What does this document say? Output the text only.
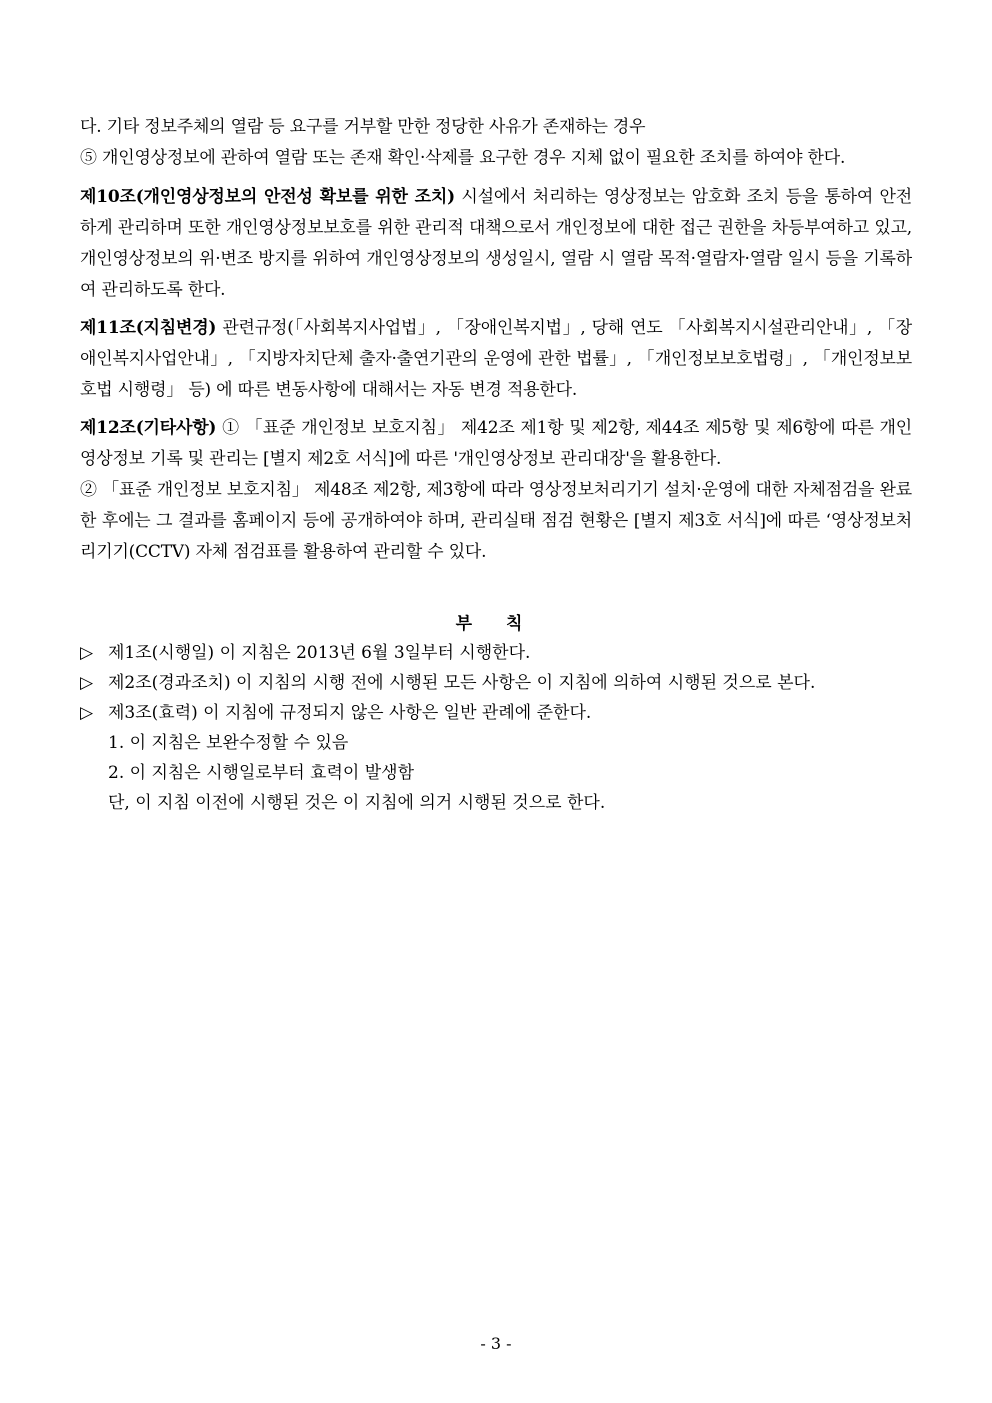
다. 기타 정보주체의 열람 등 요구를 거부할 만한 정당한 사유가 존재하는 경우

⑤ 개인영상정보에 관하여 열람 또는 존재 확인·삭제를 요구한 경우 지체 없이 필요한 조치를 하여야 한다.

제10조(개인영상정보의 안전성 확보를 위한 조치) 시설에서 처리하는 영상정보는 암호화 조치 등을 통하여 안전하게 관리하며 또한 개인영상정보보호를 위한 관리적 대책으로서 개인정보에 대한 접근 권한을 차등부여하고 있고, 개인영상정보의 위·변조 방지를 위하여 개인영상정보의 생성일시, 열람 시 열람 목적·열람자·열람 일시 등을 기록하여 관리하도록 한다.

제11조(지침변경) 관련규정(「사회복지사업법」, 「장애인복지법」, 당해 연도 「사회복지시설관리안내」, 「장애인복지사업안내」, 「지방자치단체 출자·출연기관의 운영에 관한 법률」, 「개인정보보호법령」, 「개인정보보호법 시행령」 등) 에 따른 변동사항에 대해서는 자동 변경 적용한다.

제12조(기타사항) ① 「표준 개인정보 보호지침」 제42조 제1항 및 제2항, 제44조 제5항 및 제6항에 따른 개인영상정보 기록 및 관리는 [별지 제2호 서식]에 따른 '개인영상정보 관리대장'을 활용한다.

② 「표준 개인정보 보호지침」 제48조 제2항, 제3항에 따라 영상정보처리기기 설치·운영에 대한 자체점검을 완료한 후에는 그 결과를 홈페이지 등에 공개하여야 하며, 관리실태 점검 현황은 [별지 제3호 서식]에 따른 ‘영상정보처리기기(CCTV) 자체 점검표를 활용하여 관리할 수 있다.

부 칙
▷ 제1조(시행일) 이 지침은 2013년 6월 3일부터 시행한다.
▷ 제2조(경과조치) 이 지침의 시행 전에 시행된 모든 사항은 이 지침에 의하여 시행된 것으로 본다.
▷ 제3조(효력) 이 지침에 규정되지 않은 사항은 일반 관례에 준한다.
1. 이 지침은 보완수정할 수 있음
2. 이 지침은 시행일로부터 효력이 발생함
단, 이 지침 이전에 시행된 것은 이 지침에 의거 시행된 것으로 한다.
- 3 -
